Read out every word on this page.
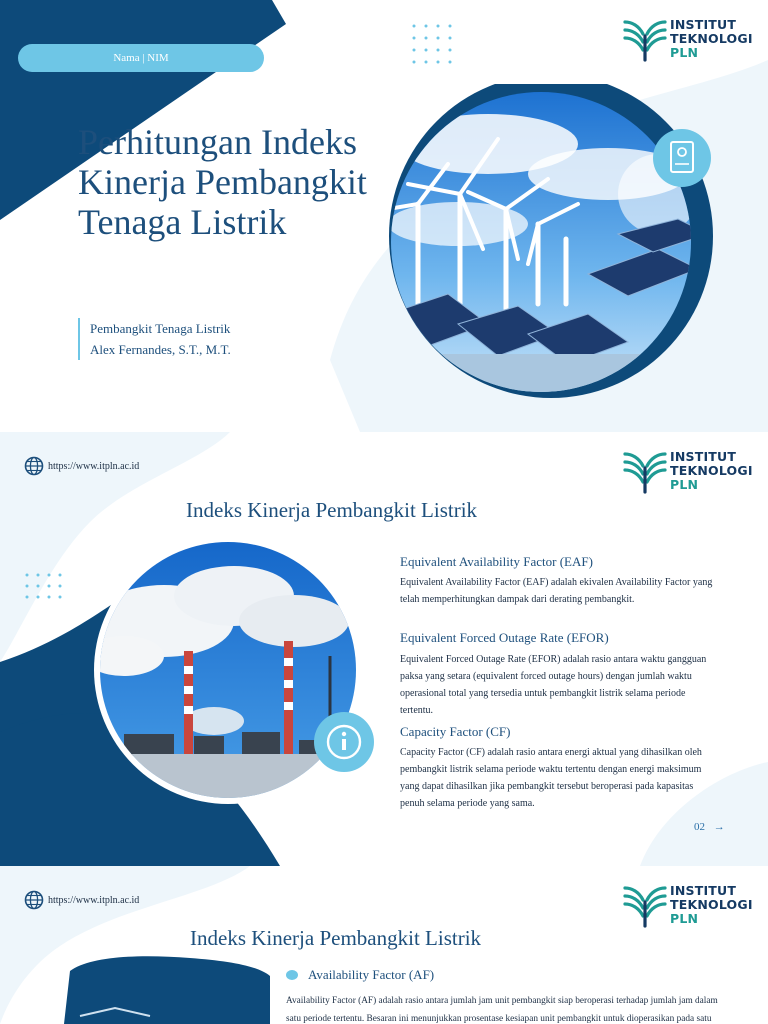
Nama | NIM
INSTITUT
TEKNOLOGI
PLN
Perhitungan Indeks
Kinerja Pembangkit
Tenaga Listrik
Pembangkit Tenaga Listrik
Alex Fernandes, S.T., M.T.
https://www.itpln.ac.id
INSTITUT
TEKNOLOGI
PLN
Indeks Kinerja Pembangkit Listrik
Equivalent Availability Factor (EAF)
Equivalent Availability Factor (EAF) adalah ekivalen Availability Factor yang
telah memperhitungkan dampak dari derating pembangkit.
Equivalent Forced Outage Rate (EFOR)
Equivalent Forced Outage Rate (EFOR) adalah rasio antara waktu gangguan
paksa yang setara (equivalent forced outage hours) dengan jumlah waktu
operasional total yang tersedia untuk pembangkit listrik selama periode
tertentu.
Capacity Factor (CF)
Capacity Factor (CF) adalah rasio antara energi aktual yang dihasilkan oleh
pembangkit listrik selama periode waktu tertentu dengan energi maksimum
yang dapat dihasilkan jika pembangkit tersebut beroperasi pada kapasitas
penuh selama periode yang sama.
02 →
https://www.itpln.ac.id
INSTITUT
TEKNOLOGI
PLN
Indeks Kinerja Pembangkit Listrik
Availability Factor (AF)
Availability Factor (AF) adalah rasio antara jumlah jam unit pembangkit siap beroperasi terhadap jumlah jam dalam
satu periode tertentu. Besaran ini menunjukkan prosentase kesiapan unit pembangkit untuk dioperasikan pada satu
